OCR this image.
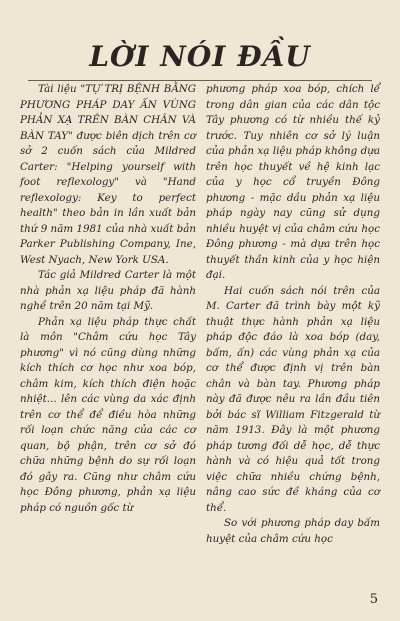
LỜI NÓI ĐẦU

Tài liệu "TỰ TRỊ BỆNH BẰNG PHƯƠNG PHÁP DAY ẤN VÙNG PHẢN XẠ TRÊN BÀN CHÂN VÀ BÀN TAY" được biên dịch trên cơ sở 2 cuốn sách của Mildred Carter: "Helping yourself with foot reflexology" và "Hand reflexology: Key to perfect health" theo bản in lần xuất bản thứ 9 năm 1981 của nhà xuất bản Parker Publishing Company, Ine, West Nyach, New York USA.

Tác giả Mildred Carter là một nhà phản xạ liệu pháp đã hành nghề trên 20 năm tại Mỹ.

Phản xạ liệu pháp thực chất là môn "Châm cứu học Tây phương" vì nó cũng dùng những kích thích cơ học như xoa bóp, châm kim, kích thích điện hoặc nhiệt... lên các vùng da xác định trên cơ thể để điều hòa những rối loạn chức năng của các cơ quan, bộ phận, trên cơ sở đó chữa những bệnh do sự rối loạn đó gây ra. Cũng như châm cứu học Đông phương, phản xạ liệu pháp có nguồn gốc từ

phương pháp xoa bóp, chích lể trong dân gian của các dân tộc Tây phương có từ nhiều thế kỷ trước. Tuy nhiên cơ sở lý luận của phản xạ liệu pháp không dựa trên học thuyết về hệ kinh lạc của y học cổ truyền Đông phương - mặc dầu phản xạ liệu pháp ngày nay cũng sử dụng nhiều huyệt vị của châm cứu học Đông phương - mà dựa trên học thuyết thần kinh của y học hiện đại.

Hai cuốn sách nói trên của M. Carter đã trình bày một kỹ thuật thực hành phản xạ liệu pháp độc đáo là xoa bóp (day, bấm, ấn) các vùng phản xạ của cơ thể được định vị trên bàn chân và bàn tay. Phương pháp này đã được nêu ra lần đầu tiên bởi bác sĩ William Fitzgerald từ năm 1913. Đây là một phương pháp tương đối dễ học, dễ thực hành và có hiệu quả tốt trong việc chữa nhiều chứng bệnh, nâng cao sức đề kháng của cơ thể.

So với phương pháp day bấm huyệt của châm cứu học

5
